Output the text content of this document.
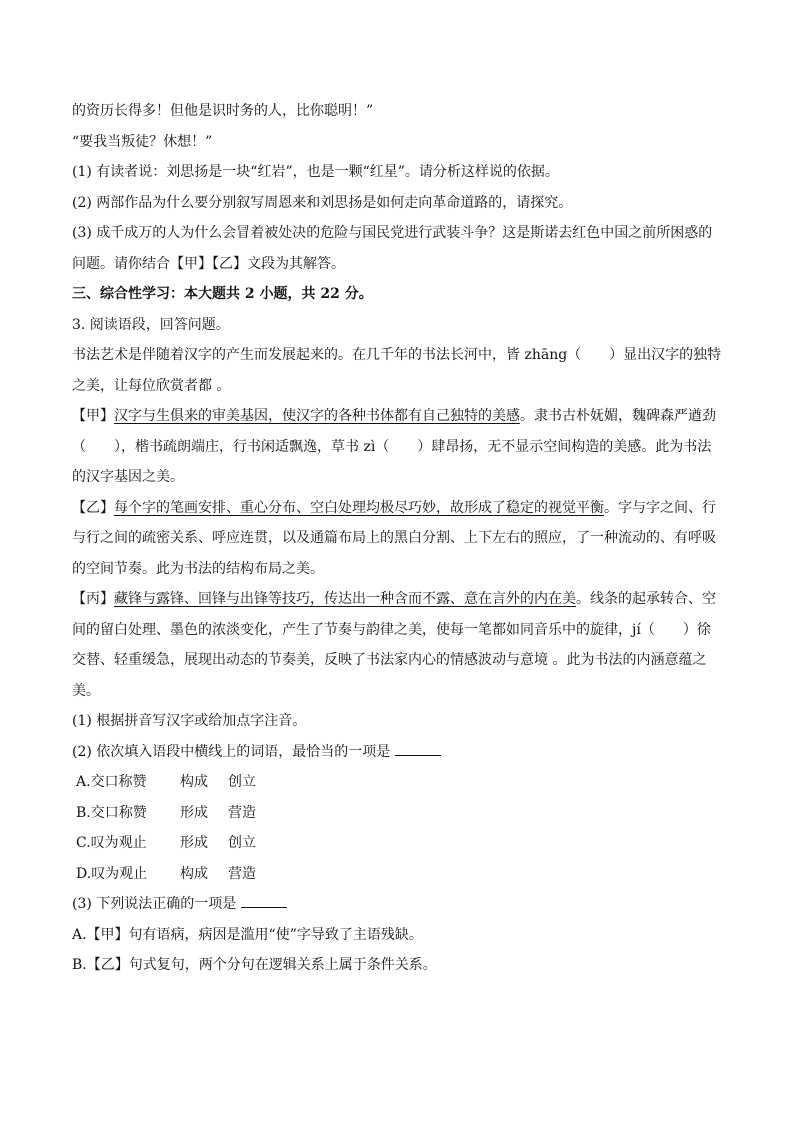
的资历长得多！但他是识时务的人，比你聪明！”
“要我当叛徒？休想！”
(1) 有读者说：刘思扬是一块“红岩”，也是一颗“红星”。请分析这样说的依据。
(2) 两部作品为什么要分别叙写周恩来和刘思扬是如何走向革命道路的，请探究。
(3) 成千成万的人为什么会冒着被处决的危险与国民党进行武装斗争？这是斯诺去红色中国之前所困惑的
问题。请你结合【甲】【乙】文段为其解答。
三、综合性学习：本大题共 2 小题，共 22 分。
3. 阅读语段，回答问题。
书法艺术是伴随着汉字的产生而发展起来的。在几千年的书法长河中，皆 zhāng（　　）显出汉字的独特
之美，让每位欣赏者都 。
【甲】汉字与生俱来的审美基因，使汉字的各种书体都有自己独特的美感。隶书古朴妩媚，魏碑森严遒劲
（　　），楷书疏朗端庄，行书闲适飘逸，草书 zì（　　）肆昂扬，无不显示空间构造的美感。此为书法
的汉字基因之美。
【乙】每个字的笔画安排、重心分布、空白处理均极尽巧妙，故形成了稳定的视觉平衡。字与字之间、行
与行之间的疏密关系、呼应连贯，以及通篇布局上的黑白分割、上下左右的照应，了一种流动的、有呼吸
的空间节奏。此为书法的结构布局之美。
【丙】藏锋与露锋、回锋与出锋等技巧，传达出一种含而不露、意在言外的内在美。线条的起承转合、空
间的留白处理、墨色的浓淡变化，产生了节奏与韵律之美，使每一笔都如同音乐中的旋律，jí（　　）徐
交替、轻重缓急，展现出动态的节奏美，反映了书法家内心的情感波动与意境 。此为书法的内涵意蕴之
美。
(1) 根据拼音写汉字或给加点字注音。
(2) 依次填入语段中横线上的词语，最恰当的一项是
A.交口称赞 构成 创立
B.交口称赞 形成 营造
C.叹为观止 形成 创立
D.叹为观止 构成 营造
(3) 下列说法正确的一项是
A.【甲】句有语病，病因是滥用“使”字导致了主语残缺。
B.【乙】句式复句，两个分句在逻辑关系上属于条件关系。
